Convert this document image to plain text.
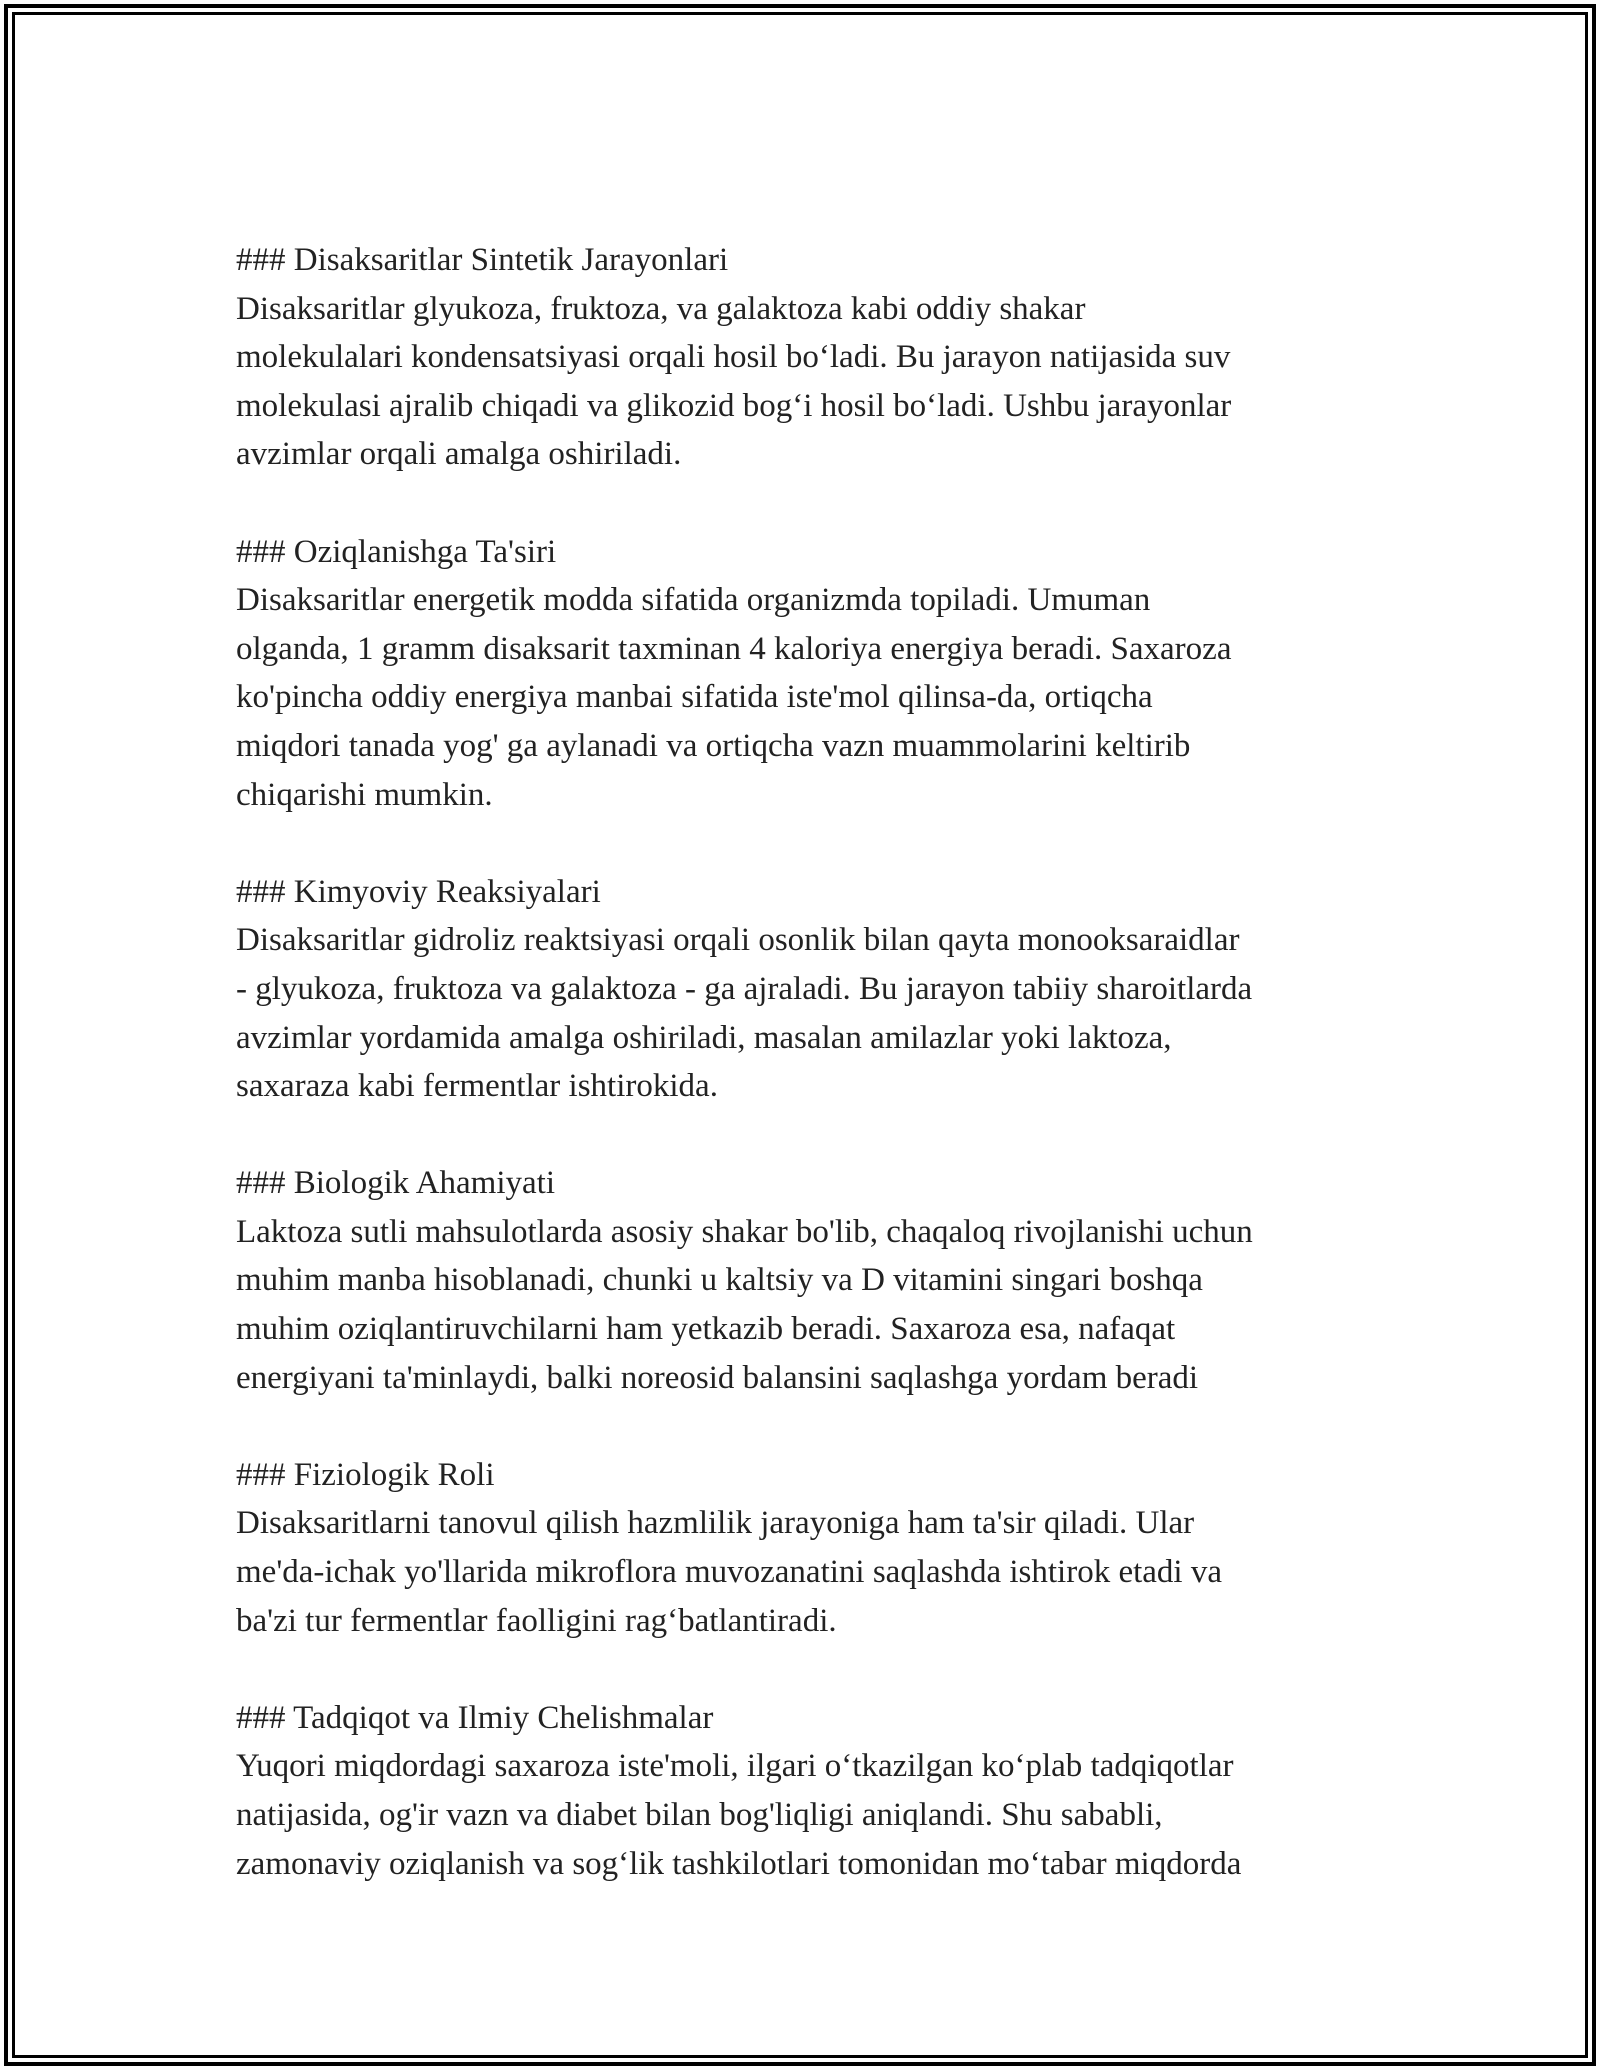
### Disaksaritlar Sintetik Jarayonlari

Disaksaritlar glyukoza, fruktoza, va galaktoza kabi oddiy shakar
molekulalari kondensatsiyasi orqali hosil bo‘ladi. Bu jarayon natijasida suv
molekulasi ajralib chiqadi va glikozid bog‘i hosil bo‘ladi. Ushbu jarayonlar
avzimlar orqali amalga oshiriladi.

### Oziqlanishga Ta'siri

Disaksaritlar energetik modda sifatida organizmda topiladi. Umuman
olganda, 1 gramm disaksarit taxminan 4 kaloriya energiya beradi. Saxaroza
ko'pincha oddiy energiya manbai sifatida iste'mol qilinsa-da, ortiqcha
miqdori tanada yog' ga aylanadi va ortiqcha vazn muammolarini keltirib
chiqarishi mumkin.

### Kimyoviy Reaksiyalari

Disaksaritlar gidroliz reaktsiyasi orqali osonlik bilan qayta monooksaraidlar
- glyukoza, fruktoza va galaktoza - ga ajraladi. Bu jarayon tabiiy sharoitlarda
avzimlar yordamida amalga oshiriladi, masalan amilazlar yoki laktoza,
saxaraza kabi fermentlar ishtirokida.

### Biologik Ahamiyati

Laktoza sutli mahsulotlarda asosiy shakar bo'lib, chaqaloq rivojlanishi uchun
muhim manba hisoblanadi, chunki u kaltsiy va D vitamini singari boshqa
muhim oziqlantiruvchilarni ham yetkazib beradi. Saxaroza esa, nafaqat
energiyani ta'minlaydi, balki noreosid balansini saqlashga yordam beradi

### Fiziologik Roli

Disaksaritlarni tanovul qilish hazmlilik jarayoniga ham ta'sir qiladi. Ular
me'da-ichak yo'llarida mikroflora muvozanatini saqlashda ishtirok etadi va
ba'zi tur fermentlar faolligini rag‘batlantiradi.

### Tadqiqot va Ilmiy Chelishmalar

Yuqori miqdordagi saxaroza iste'moli, ilgari o‘tkazilgan ko‘plab tadqiqotlar
natijasida, og'ir vazn va diabet bilan bog'liqligi aniqlandi. Shu sababli,
zamonaviy oziqlanish va sog‘lik tashkilotlari tomonidan mo‘tabar miqdorda
